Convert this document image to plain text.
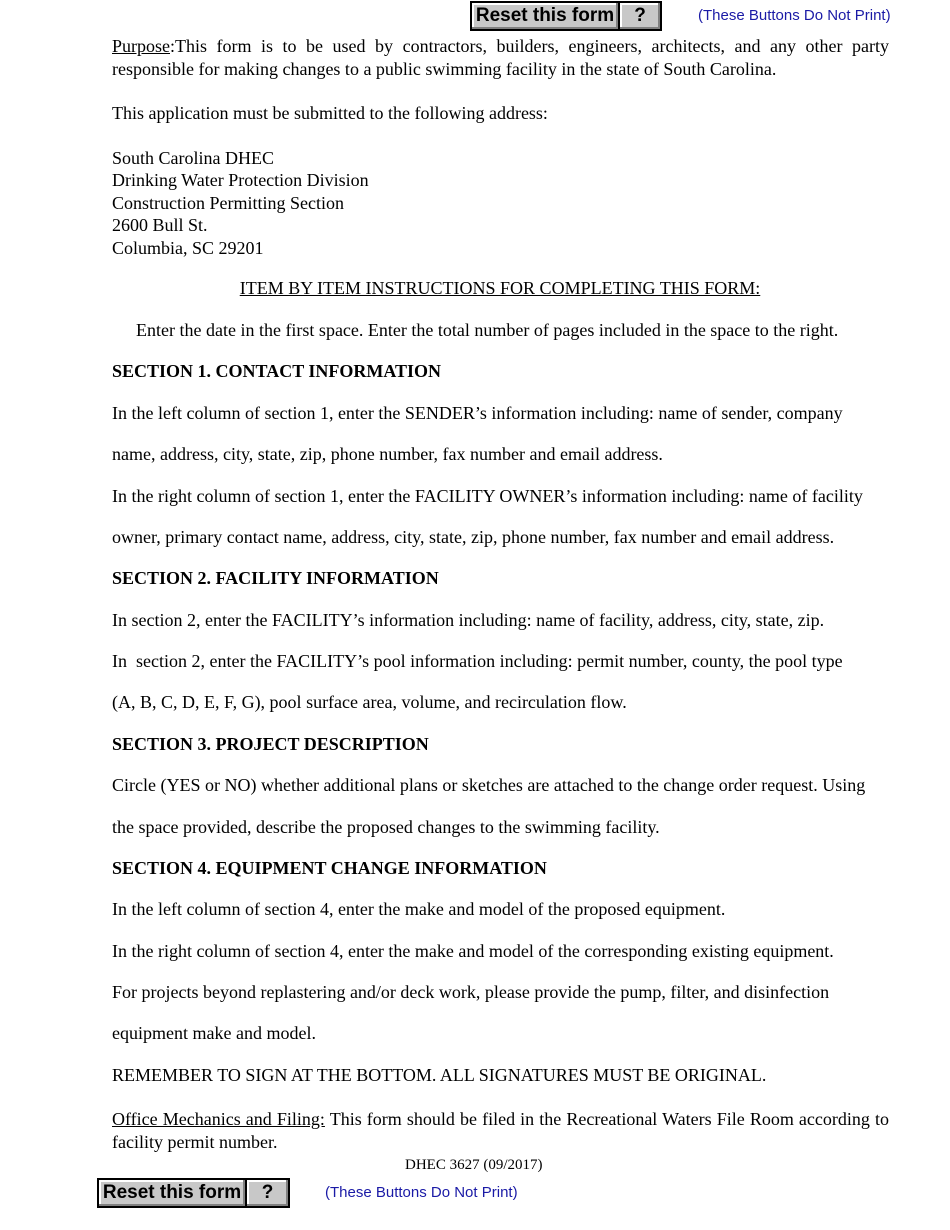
Reset this form	?	(These Buttons Do Not Print)
Purpose:This form is to be used by contractors, builders, engineers, architects, and any other party responsible for making changes to a public swimming facility in the state of South Carolina.
This application must be submitted to the following address:
South Carolina DHEC
Drinking Water Protection Division
Construction Permitting Section
2600 Bull St.
Columbia, SC 29201
ITEM BY ITEM INSTRUCTIONS FOR COMPLETING THIS FORM:
Enter the date in the first space. Enter the total number of pages included in the space to the right.
SECTION 1. CONTACT INFORMATION
In the left column of section 1, enter the SENDER’s information including: name of sender, company
name, address, city, state, zip, phone number, fax number and email address.
In the right column of section 1, enter the FACILITY OWNER’s information including: name of facility
owner, primary contact name, address, city, state, zip, phone number, fax number and email address.
SECTION 2. FACILITY INFORMATION
In section 2, enter the FACILITY’s information including: name of facility, address, city, state, zip.
In  section 2, enter the FACILITY’s pool information including: permit number, county, the pool type
(A, B, C, D, E, F, G), pool surface area, volume, and recirculation flow.
SECTION 3. PROJECT DESCRIPTION
Circle (YES or NO) whether additional plans or sketches are attached to the change order request. Using
the space provided, describe the proposed changes to the swimming facility.
SECTION 4. EQUIPMENT CHANGE INFORMATION
In the left column of section 4, enter the make and model of the proposed equipment.
In the right column of section 4, enter the make and model of the corresponding existing equipment.
For projects beyond replastering and/or deck work, please provide the pump, filter, and disinfection
equipment make and model.
REMEMBER TO SIGN AT THE BOTTOM. ALL SIGNATURES MUST BE ORIGINAL.
Office Mechanics and Filing: This form should be filed in the Recreational Waters File Room according to facility permit number.
DHEC 3627 (09/2017)
Reset this form	?	(These Buttons Do Not Print)
